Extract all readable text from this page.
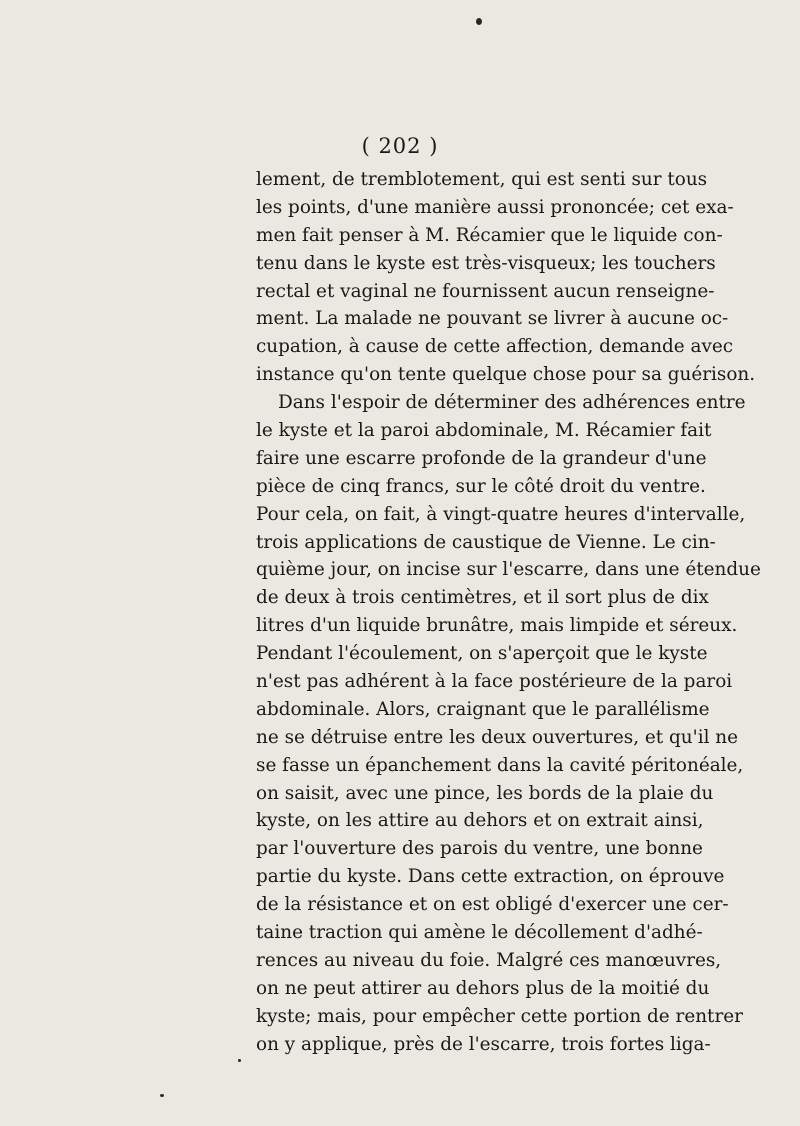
( 202 )
lement, de tremblotement, qui est senti sur tous
les points, d'une manière aussi prononcée; cet exa-
men fait penser à M. Récamier que le liquide con-
tenu dans le kyste est très-visqueux; les touchers
rectal et vaginal ne fournissent aucun renseigne-
ment. La malade ne pouvant se livrer à aucune oc-
cupation, à cause de cette affection, demande avec
instance qu'on tente quelque chose pour sa guérison.
Dans l'espoir de déterminer des adhérences entre
le kyste et la paroi abdominale, M. Récamier fait
faire une escarre profonde de la grandeur d'une
pièce de cinq francs, sur le côté droit du ventre.
Pour cela, on fait, à vingt-quatre heures d'intervalle,
trois applications de caustique de Vienne. Le cin-
quième jour, on incise sur l'escarre, dans une étendue
de deux à trois centimètres, et il sort plus de dix
litres d'un liquide brunâtre, mais limpide et séreux.
Pendant l'écoulement, on s'aperçoit que le kyste
n'est pas adhérent à la face postérieure de la paroi
abdominale. Alors, craignant que le parallélisme
ne se détruise entre les deux ouvertures, et qu'il ne
se fasse un épanchement dans la cavité péritonéale,
on saisit, avec une pince, les bords de la plaie du
kyste, on les attire au dehors et on extrait ainsi,
par l'ouverture des parois du ventre, une bonne
partie du kyste. Dans cette extraction, on éprouve
de la résistance et on est obligé d'exercer une cer-
taine traction qui amène le décollement d'adhé-
rences au niveau du foie. Malgré ces manœuvres,
on ne peut attirer au dehors plus de la moitié du
kyste; mais, pour empêcher cette portion de rentrer
on y applique, près de l'escarre, trois fortes liga-
